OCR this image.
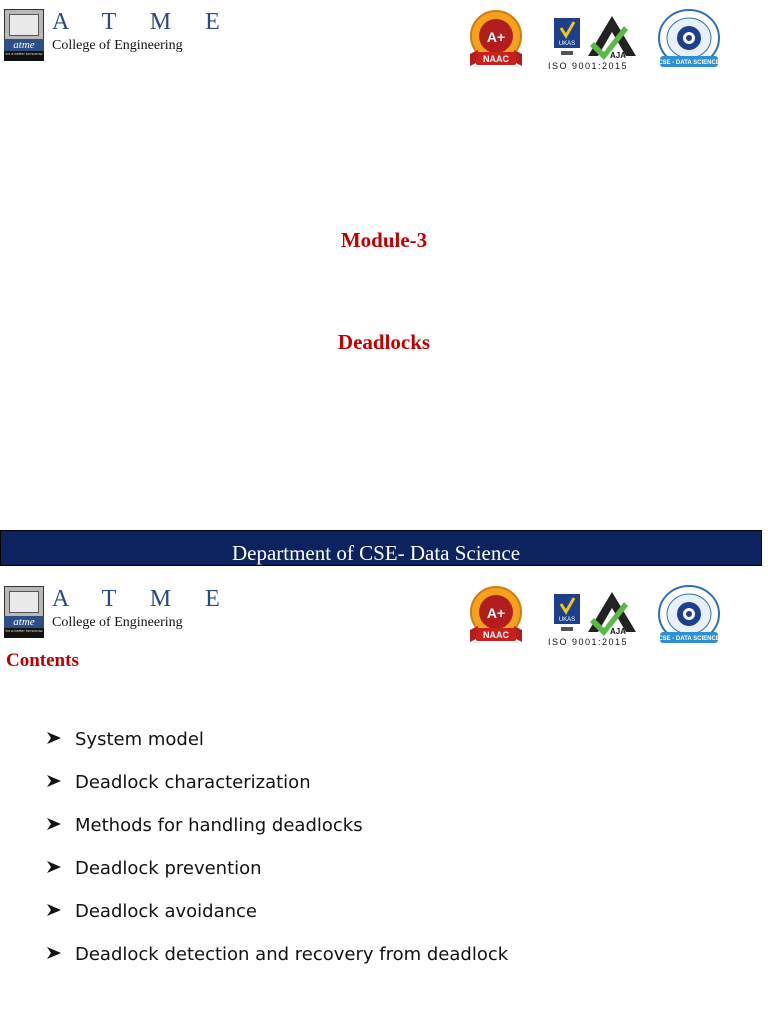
atme
for a better tomorrow
A T M E
College of Engineering
A+
NAAC
UKAS
AJA
ISO 9001:2015	CSE - DATA SCIENCE
Module-3
Deadlocks
Department of CSE- Data Science
atme
for a better tomorrow
A T M E
College of Engineering
A+
NAAC
UKAS
AJA
ISO 9001:2015	CSE - DATA SCIENCE
Contents
System model
Deadlock characterization
Methods for handling deadlocks
Deadlock prevention
Deadlock avoidance
Deadlock detection and recovery from deadlock
